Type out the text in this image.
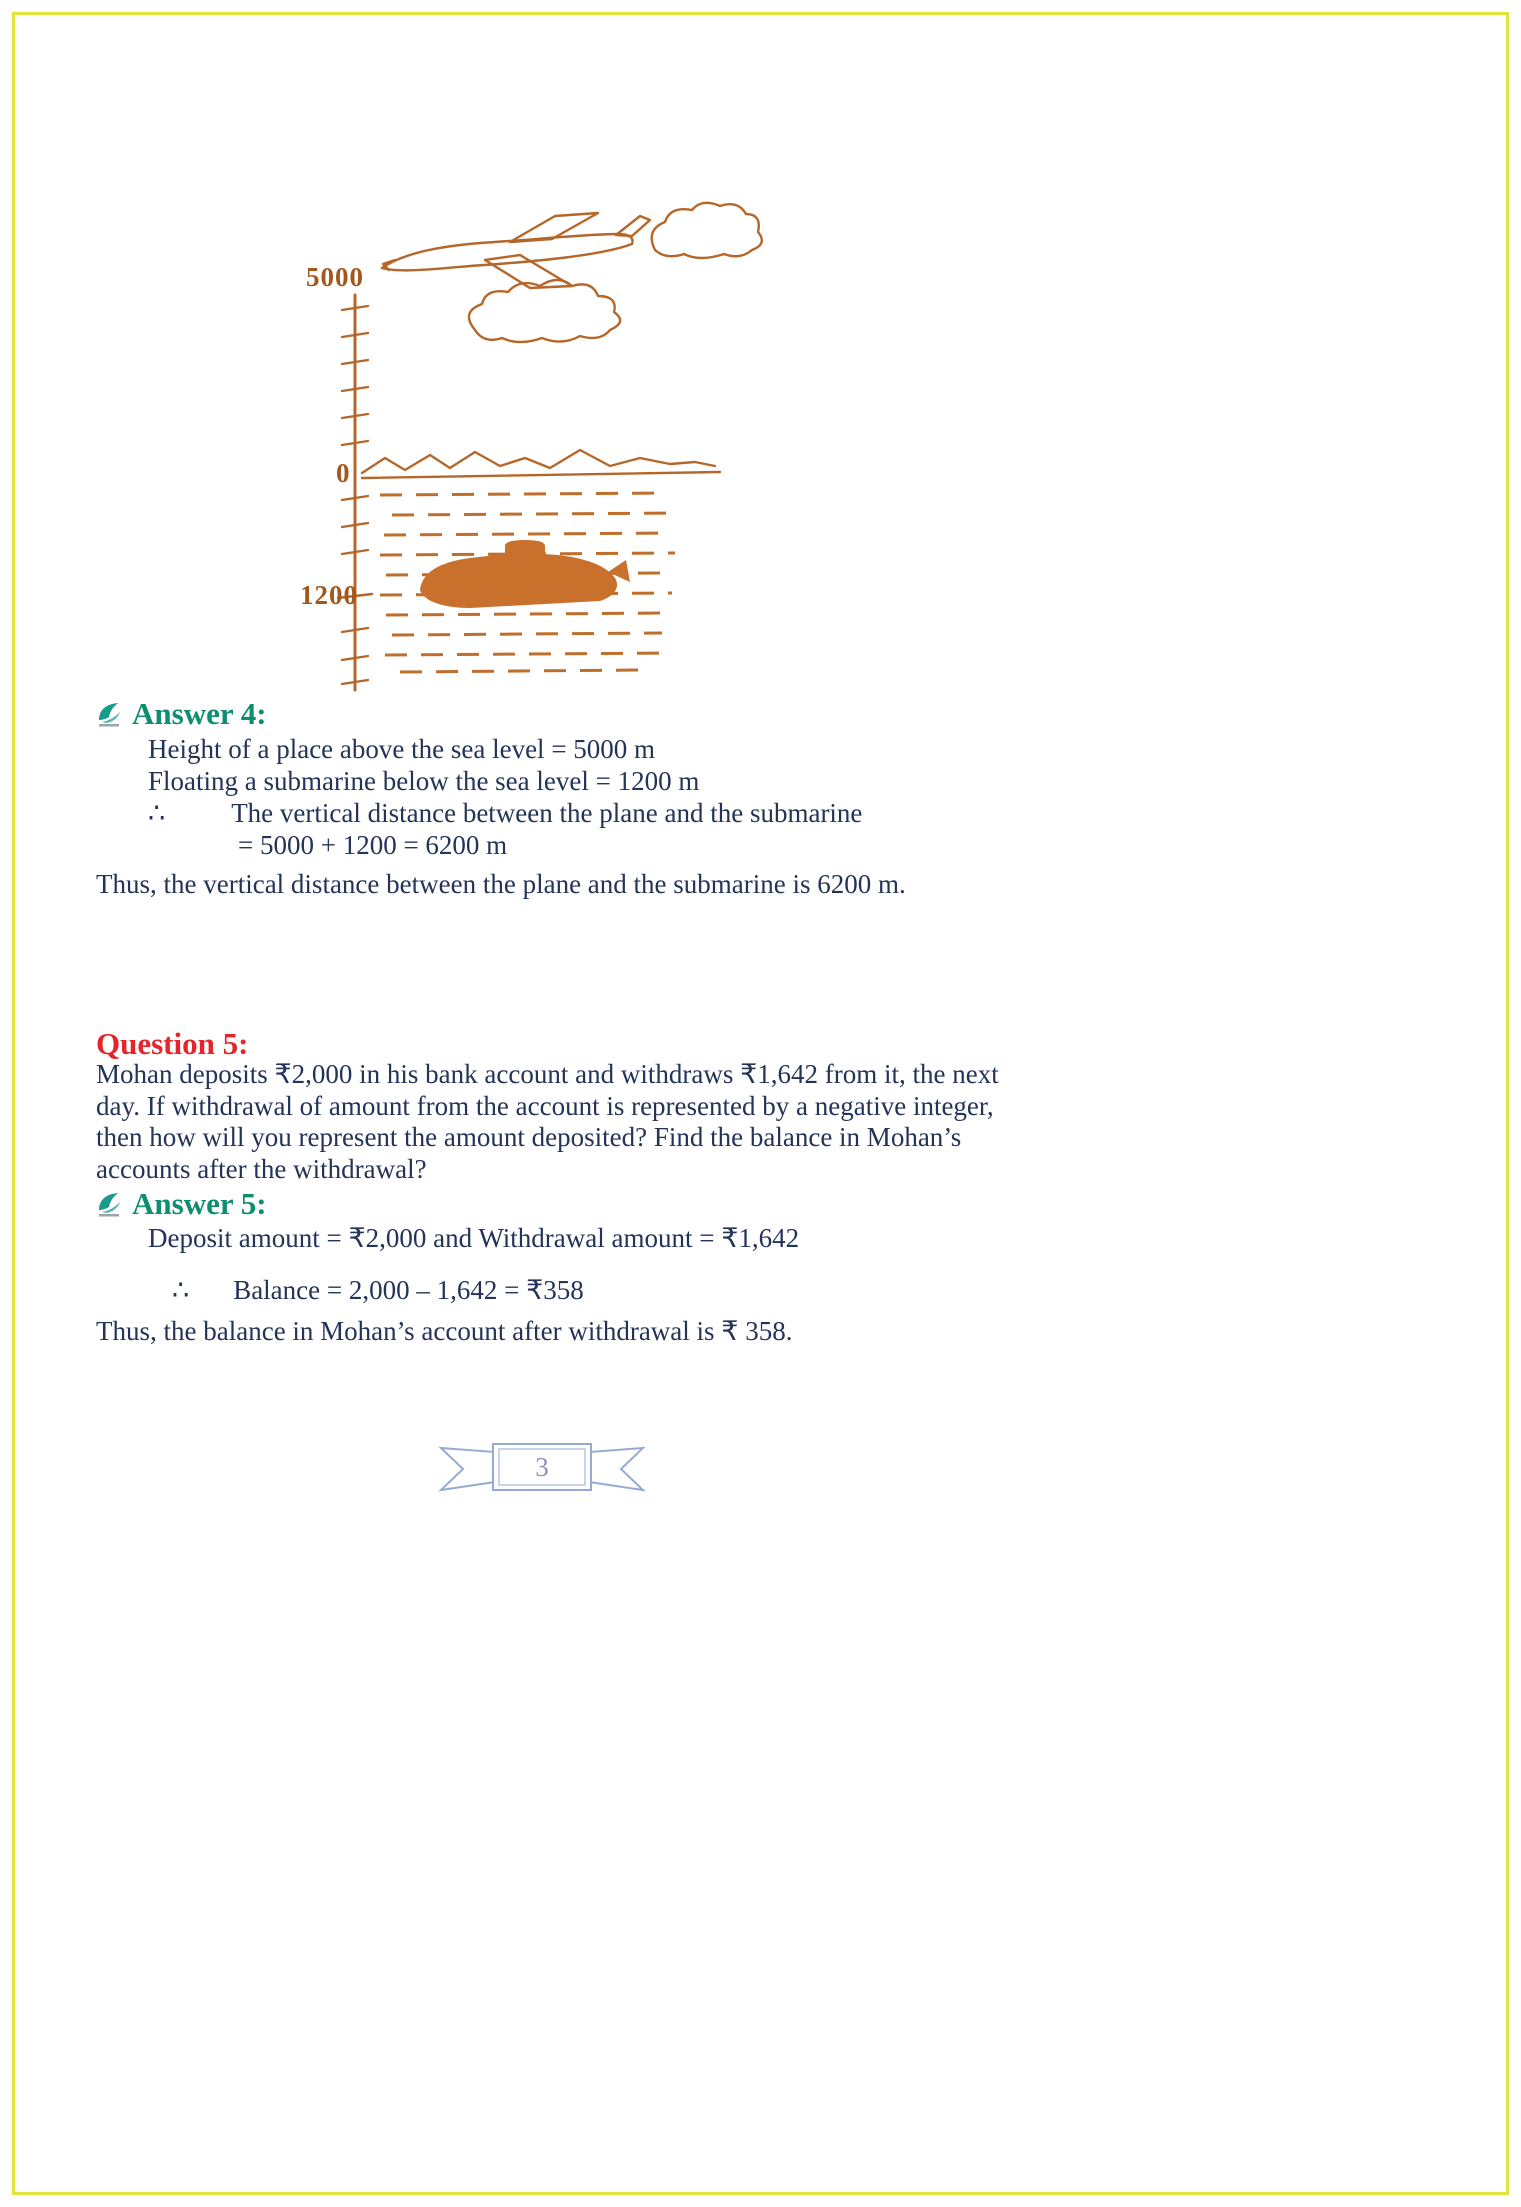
5000
0
1200
Answer 4:
Height of a place above the sea level = 5000 m
Floating a submarine below the sea level = 1200 m
∴ The vertical distance between the plane and the submarine
= 5000 + 1200 = 6200 m
Thus, the vertical distance between the plane and the submarine is 6200 m.
Question 5:
Mohan deposits ₹2,000 in his bank account and withdraws ₹1,642 from it, the next day. If withdrawal of amount from the account is represented by a negative integer, then how will you represent the amount deposited? Find the balance in Mohan’s accounts after the withdrawal?
Answer 5:
Deposit amount = ₹2,000 and Withdrawal amount = ₹1,642
∴ Balance = 2,000 – 1,642 = ₹358
Thus, the balance in Mohan’s account after withdrawal is ₹ 358.
3
